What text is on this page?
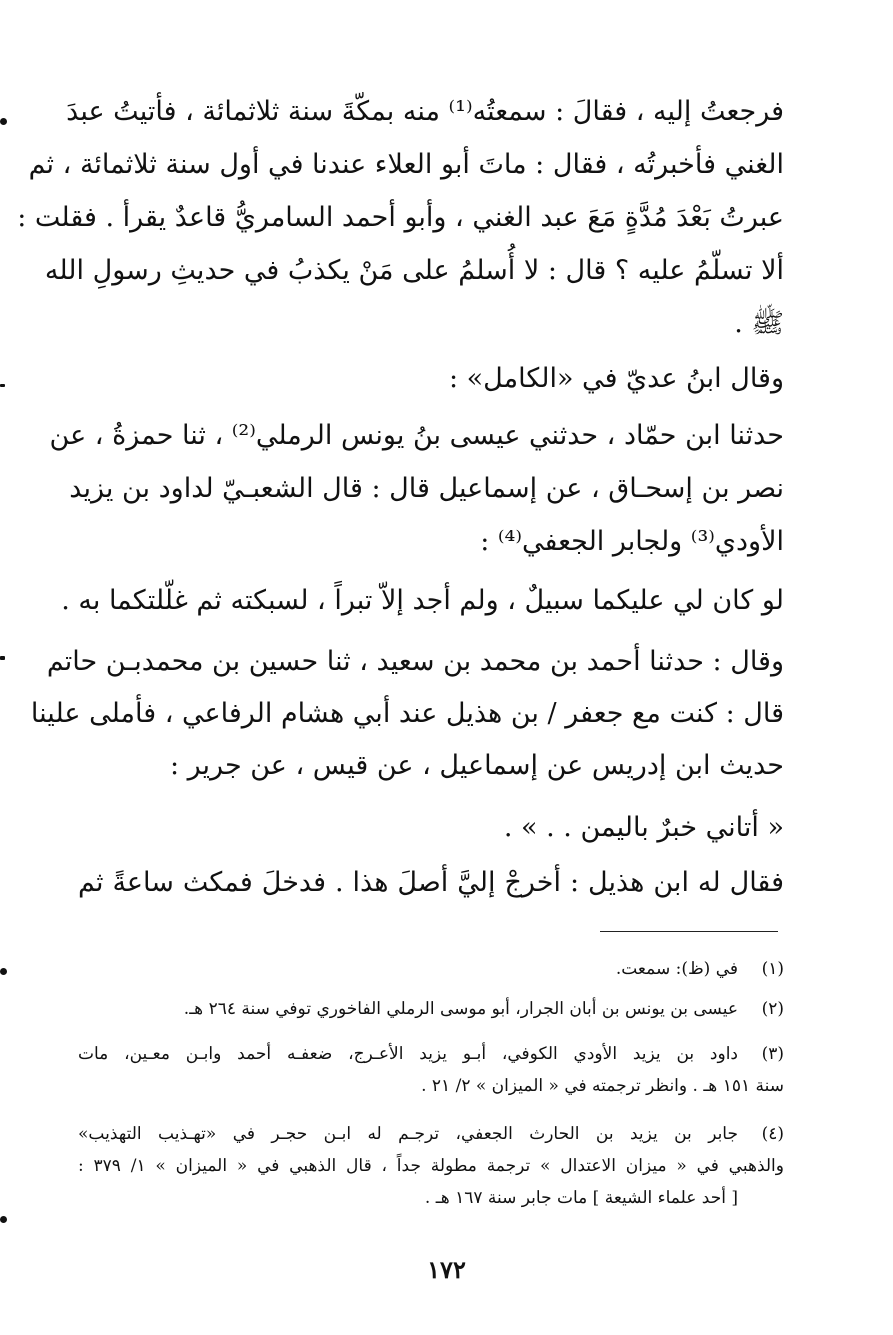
فرجعتُ إليه ، فقالَ : سمعتُه⁽¹⁾ منه بمكّةَ سنة ثلاثمائة ، فأتيتُ عبدَ
الغني فأخبرتُه ، فقال : ماتَ أبو العلاء عندنا في أول سنة ثلاثمائة ، ثم
عبرتُ بَعْدَ مُدَّةٍ مَعَ عبد الغني ، وأبو أحمد السامريُّ قاعدٌ يقرأ . فقلت :
ألا تسلّمُ عليه ؟ قال : لا أُسلمُ على مَنْ يكذبُ في حديثِ رسولِ الله
ﷺ .
وقال ابنُ عديّ في «الكامل» :
حدثنا ابن حمّاد ، حدثني عيسى بنُ يونس الرملي⁽²⁾ ، ثنا حمزةُ ، عن
نصر بن إسحـاق ، عن إسماعيل قال : قال الشعبـيّ لداود بن يزيد
الأودي⁽³⁾ ولجابر الجعفي⁽⁴⁾ :
لو كان لي عليكما سبيلٌ ، ولم أجد إلاّ تبراً ، لسبكته ثم غلّلتكما به .
وقال : حدثنا أحمد بن محمد بن سعيد ، ثنا حسين بن محمدبـن حاتم
قال : كنت مع جعفر / بن هذيل عند أبي هشام الرفاعي ، فأملى علينا
حديث ابن إدريس عن إسماعيل ، عن قيس ، عن جرير :
« أتاني خبرٌ باليمن . . » .
فقال له ابن هذيل : أخرجْ إليَّ أصلَ هذا . فدخلَ فمكث ساعةً ثم
(١)
في (ظ): سمعت.
(٢)
عيسى بن يونس بن أبان الجرار، أبو موسى الرملي الفاخوري توفي سنة ٢٦٤ هـ.
(٣)
داود بن يزيد الأودي الكوفي، أبـو يزيد الأعـرج، ضعفـه أحمد وابـن معـين، مات
سنة ١٥١ هـ . وانظر ترجمته في « الميزان » ٢/ ٢١ .
(٤)
جابر بن يزيد بن الحارث الجعفي، ترجـم له ابـن حجـر في «تهـذيب التهذيب»
والذهبي في « ميزان الاعتدال » ترجمة مطولة جداً ، قال الذهبي في « الميزان » ١/ ٣٧٩ :
[ أحد علماء الشيعة ] مات جابر سنة ١٦٧ هـ .
١٧٢
